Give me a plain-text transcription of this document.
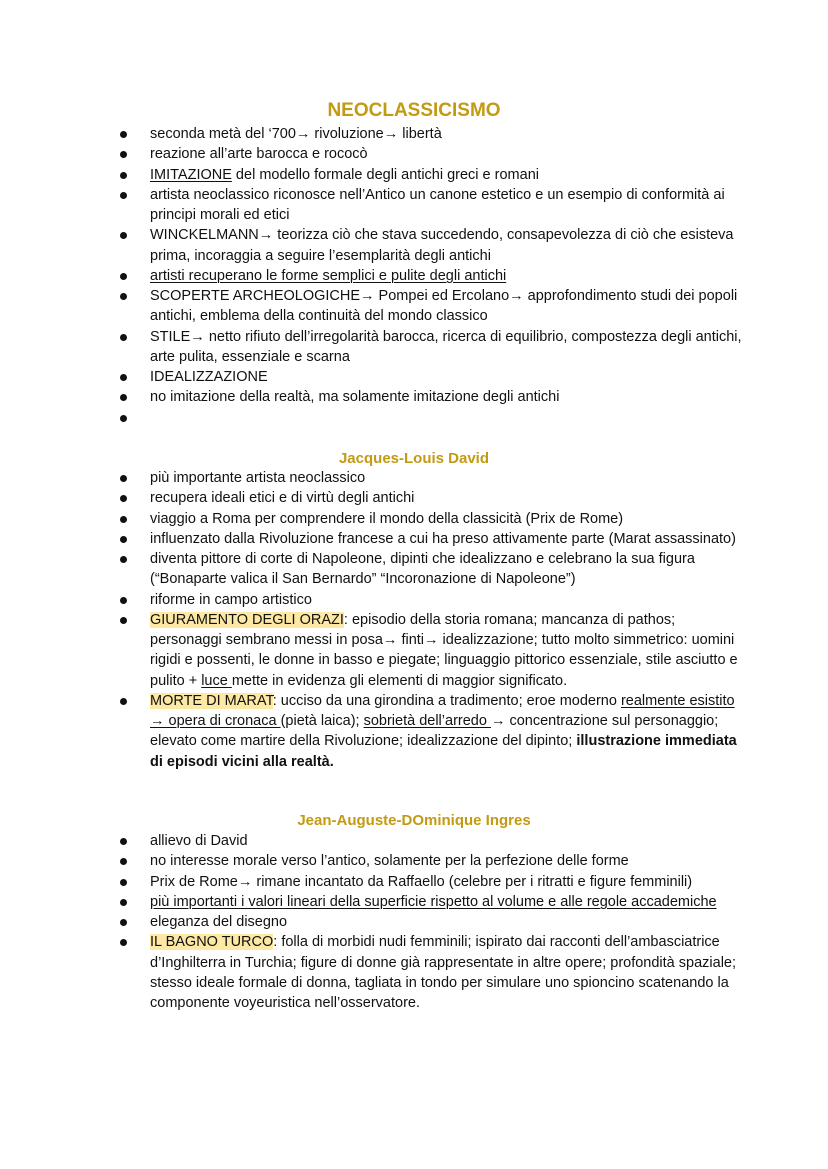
NEOCLASSICISMO
seconda metà del ‘700→ rivoluzione→ libertà
reazione all’arte barocca e rococò
IMITAZIONE del modello formale degli antichi greci e romani
artista neoclassico riconosce nell’Antico un canone estetico e un esempio di conformità ai principi morali ed etici
WINCKELMANN→ teorizza ciò che stava succedendo, consapevolezza di ciò che esisteva prima, incoraggia a seguire l’esemplarità degli antichi
artisti recuperano le forme semplici e pulite degli antichi
SCOPERTE ARCHEOLOGICHE→ Pompei ed Ercolano→ approfondimento studi dei popoli antichi, emblema della continuità del mondo classico
STILE→ netto rifiuto dell’irregolarità barocca, ricerca di equilibrio, compostezza degli antichi, arte pulita, essenziale e scarna
IDEALIZZAZIONE
no imitazione della realtà, ma solamente imitazione degli antichi
Jacques-Louis David
più importante artista neoclassico
recupera ideali etici e di virtù degli antichi
viaggio a Roma per comprendere il mondo della classicità (Prix de Rome)
influenzato dalla Rivoluzione francese a cui ha preso attivamente parte (Marat assassinato)
diventa pittore di corte di Napoleone, dipinti che idealizzano e celebrano la sua figura (“Bonaparte valica il San Bernardo” “Incoronazione di Napoleone”)
riforme in campo artistico
GIURAMENTO DEGLI ORAZI: episodio della storia romana; mancanza di pathos; personaggi sembrano messi in posa→ finti→ idealizzazione; tutto molto simmetrico: uomini rigidi e possenti, le donne in basso e piegate; linguaggio pittorico essenziale, stile asciutto e pulito + luce mette in evidenza gli elementi di maggior significato.
MORTE DI MARAT: ucciso da una girondina a tradimento; eroe moderno realmente esistito → opera di cronaca (pietà laica); sobrietà dell’arredo → concentrazione sul personaggio; elevato come martire della Rivoluzione; idealizzazione del dipinto; illustrazione immediata di episodi vicini alla realtà.
Jean-Auguste-DOminique Ingres
allievo di David
no interesse morale verso l’antico, solamente per la perfezione delle forme
Prix de Rome→ rimane incantato da Raffaello (celebre per i ritratti e figure femminili)
più importanti i valori lineari della superficie rispetto al volume e alle regole accademiche
eleganza del disegno
IL BAGNO TURCO: folla di morbidi nudi femminili; ispirato dai racconti dell’ambasciatrice d’Inghilterra in Turchia; figure di donne già rappresentate in altre opere; profondità spaziale; stesso ideale formale di donna, tagliata in tondo per simulare uno spioncino scatenando la componente voyeuristica nell’osservatore.
